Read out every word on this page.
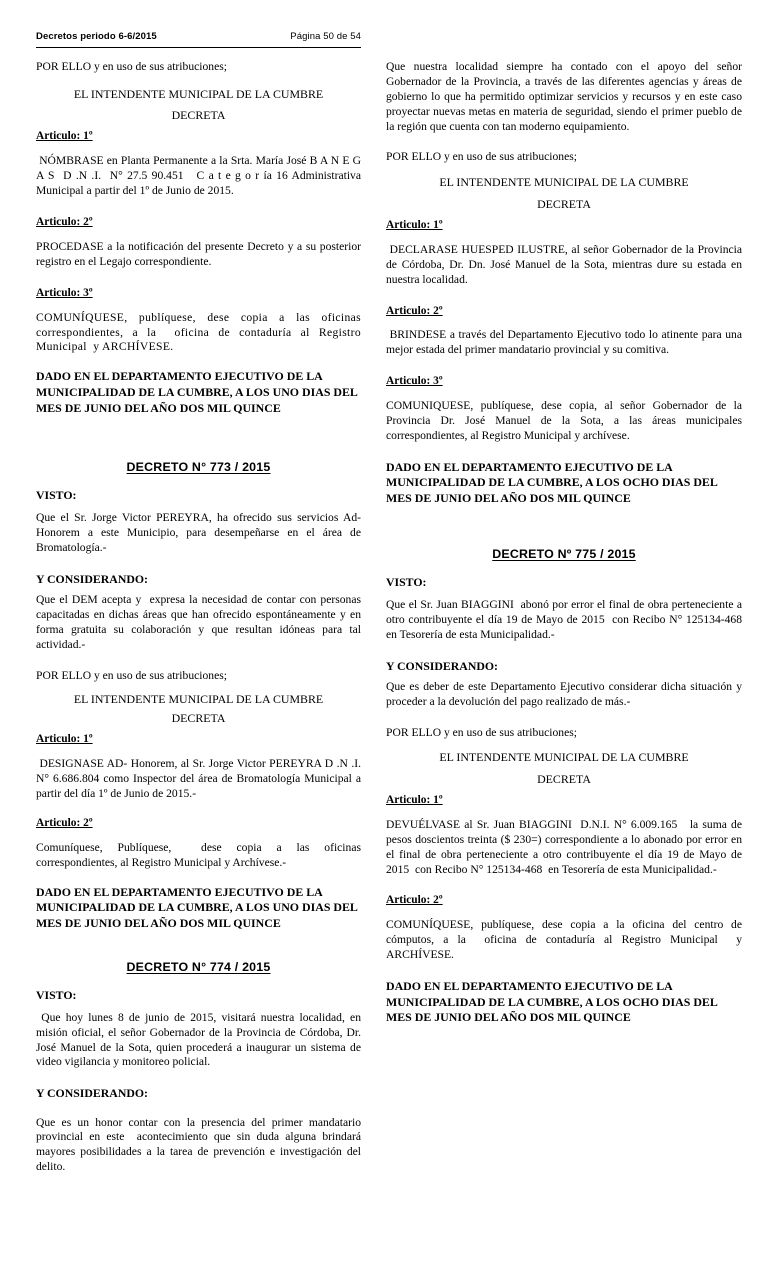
Decretos periodo 6-6/2015	Página 50 de 54

POR ELLO y en uso de sus atribuciones;

EL INTENDENTE MUNICIPAL DE LA CUMBRE

DECRETA

Articulo: 1º

NÓMBRASE en Planta Permanente a la Srta. María José B A N E G A S  D .N .I.  N° 27.5 90.451   C a t e g o r ía 16 Administrativa  Municipal a partir del 1º de Junio de 2015.

Articulo: 2º

PROCEDASE a la notificación del presente Decreto y a su posterior registro en el Legajo correspondiente.

Articulo: 3º

COMUNÍQUESE, publíquese, dese copia a las oficinas correspondientes, a la  oficina de contaduría al Registro Municipal  y ARCHÍVESE.

DADO EN EL DEPARTAMENTO EJECUTIVO DE LA MUNICIPALIDAD DE LA CUMBRE, A LOS UNO DIAS DEL MES DE JUNIO DEL AÑO DOS MIL QUINCE

DECRETO N° 773 / 2015

VISTO:

Que el Sr. Jorge Victor PEREYRA, ha ofrecido sus servicios Ad- Honorem a este Municipio, para desempeñarse en el área de Bromatología.-

Y CONSIDERANDO:

Que el DEM acepta y  expresa la necesidad de contar con personas capacitadas en dichas áreas que han ofrecido espontáneamente y en forma gratuita su colaboración y que resultan idóneas para tal actividad.-

POR ELLO y en uso de sus atribuciones;

EL INTENDENTE MUNICIPAL DE LA CUMBRE

DECRETA

Articulo: 1º

DESIGNASE AD- Honorem, al Sr. Jorge Victor PEREYRA D .N .I. N° 6.686.804 como Inspector del área de Bromatología Municipal a partir del día 1º de Junio de 2015.-

Articulo: 2º

Comuníquese, Publíquese,  dese copia a las oficinas correspondientes, al Registro Municipal y Archívese.-

DADO EN EL DEPARTAMENTO EJECUTIVO DE LA MUNICIPALIDAD DE LA CUMBRE, A LOS UNO DIAS DEL MES DE JUNIO DEL AÑO DOS MIL QUINCE

DECRETO N° 774 / 2015

VISTO:

Que hoy lunes 8 de junio de 2015, visitará nuestra localidad, en misión oficial, el señor Gobernador de la Provincia de Córdoba, Dr. José Manuel de la Sota, quien procederá a inaugurar un sistema de video vigilancia y monitoreo policial.

Y CONSIDERANDO:

Que es un honor contar con la presencia del primer mandatario provincial en este  acontecimiento que sin duda alguna brindará mayores posibilidades a la tarea de prevención e investigación del delito.

Que nuestra localidad siempre ha contado con el apoyo del señor Gobernador de la Provincia, a través de las diferentes agencias y áreas de gobierno lo que ha permitido optimizar servicios y recursos y en este caso proyectar nuevas metas en materia de seguridad, siendo el primer pueblo de la región que cuenta con tan moderno equipamiento.

POR ELLO y en uso de sus atribuciones;

EL INTENDENTE MUNICIPAL DE LA CUMBRE

DECRETA

Articulo: 1º

DECLARASE HUESPED ILUSTRE, al señor Gobernador de la Provincia de Córdoba, Dr. Dn. José Manuel de la Sota, mientras dure su estada en nuestra localidad.

Articulo: 2º

BRINDESE a través del Departamento Ejecutivo todo lo atinente para una mejor estada del primer mandatario provincial y su comitiva.

Articulo: 3º

COMUNIQUESE, publíquese, dese copia, al señor Gobernador de la Provincia Dr. José Manuel de la Sota, a las áreas municipales correspondientes, al Registro Municipal y archívese.

DADO EN EL DEPARTAMENTO EJECUTIVO DE LA MUNICIPALIDAD DE LA CUMBRE, A LOS OCHO DIAS DEL MES DE JUNIO DEL AÑO DOS MIL QUINCE

DECRETO Nº 775 / 2015

VISTO:

Que el Sr. Juan BIAGGINI  abonó por error el final de obra perteneciente a otro contribuyente el día 19 de Mayo de 2015  con Recibo N° 125134-468  en Tesorería de esta Municipalidad.-

Y CONSIDERANDO:

Que es deber de este Departamento Ejecutivo considerar dicha situación y proceder a la devolución del pago realizado de más.-

POR ELLO y en uso de sus atribuciones;

EL INTENDENTE MUNICIPAL DE LA CUMBRE

DECRETA

Articulo: 1º

DEVUÉLVASE al Sr. Juan BIAGGINI  D.N.I. N° 6.009.165   la suma de pesos doscientos treinta ($ 230=) correspondiente a lo abonado por error en el final de obra perteneciente a otro contribuyente el día 19 de Mayo de 2015  con Recibo N° 125134-468  en Tesorería de esta Municipalidad.-

Articulo: 2º

COMUNÍQUESE, publíquese, dese copia a la oficina del centro de cómputos, a la  oficina de contaduría al Registro Municipal  y ARCHÍVESE.

DADO EN EL DEPARTAMENTO EJECUTIVO DE LA MUNICIPALIDAD DE LA CUMBRE, A LOS OCHO DIAS DEL MES DE JUNIO DEL AÑO DOS MIL QUINCE
